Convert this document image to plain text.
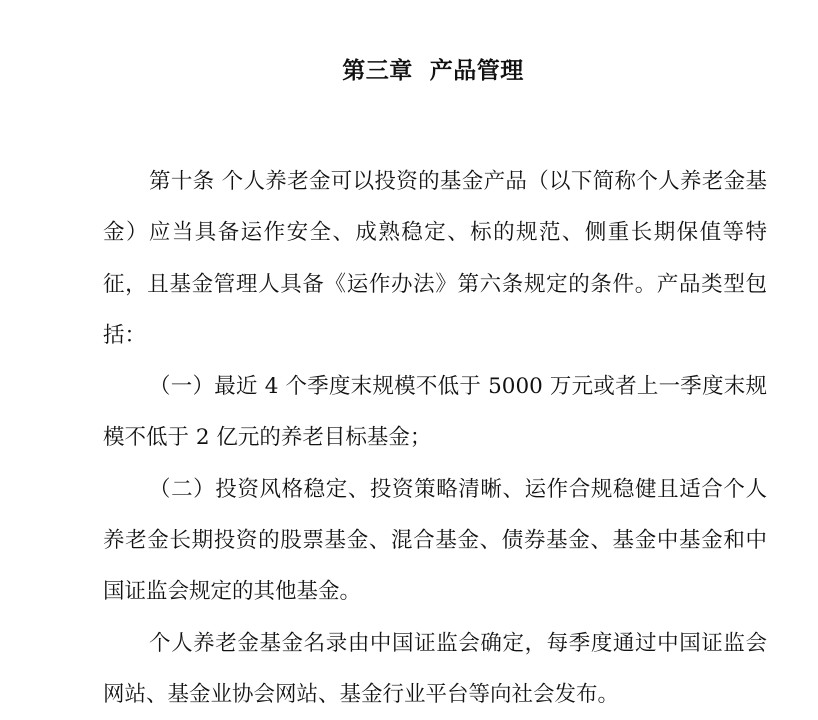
第三章  产品管理

第十条 个人养老金可以投资的基金产品（以下简称个人养老金基金）应当具备运作安全、成熟稳定、标的规范、侧重长期保值等特征，且基金管理人具备《运作办法》第六条规定的条件。产品类型包括：

（一）最近 4 个季度末规模不低于 5000 万元或者上一季度末规模不低于 2 亿元的养老目标基金；

（二）投资风格稳定、投资策略清晰、运作合规稳健且适合个人养老金长期投资的股票基金、混合基金、债券基金、基金中基金和中国证监会规定的其他基金。

个人养老金基金名录由中国证监会确定，每季度通过中国证监会网站、基金业协会网站、基金行业平台等向社会发布。
